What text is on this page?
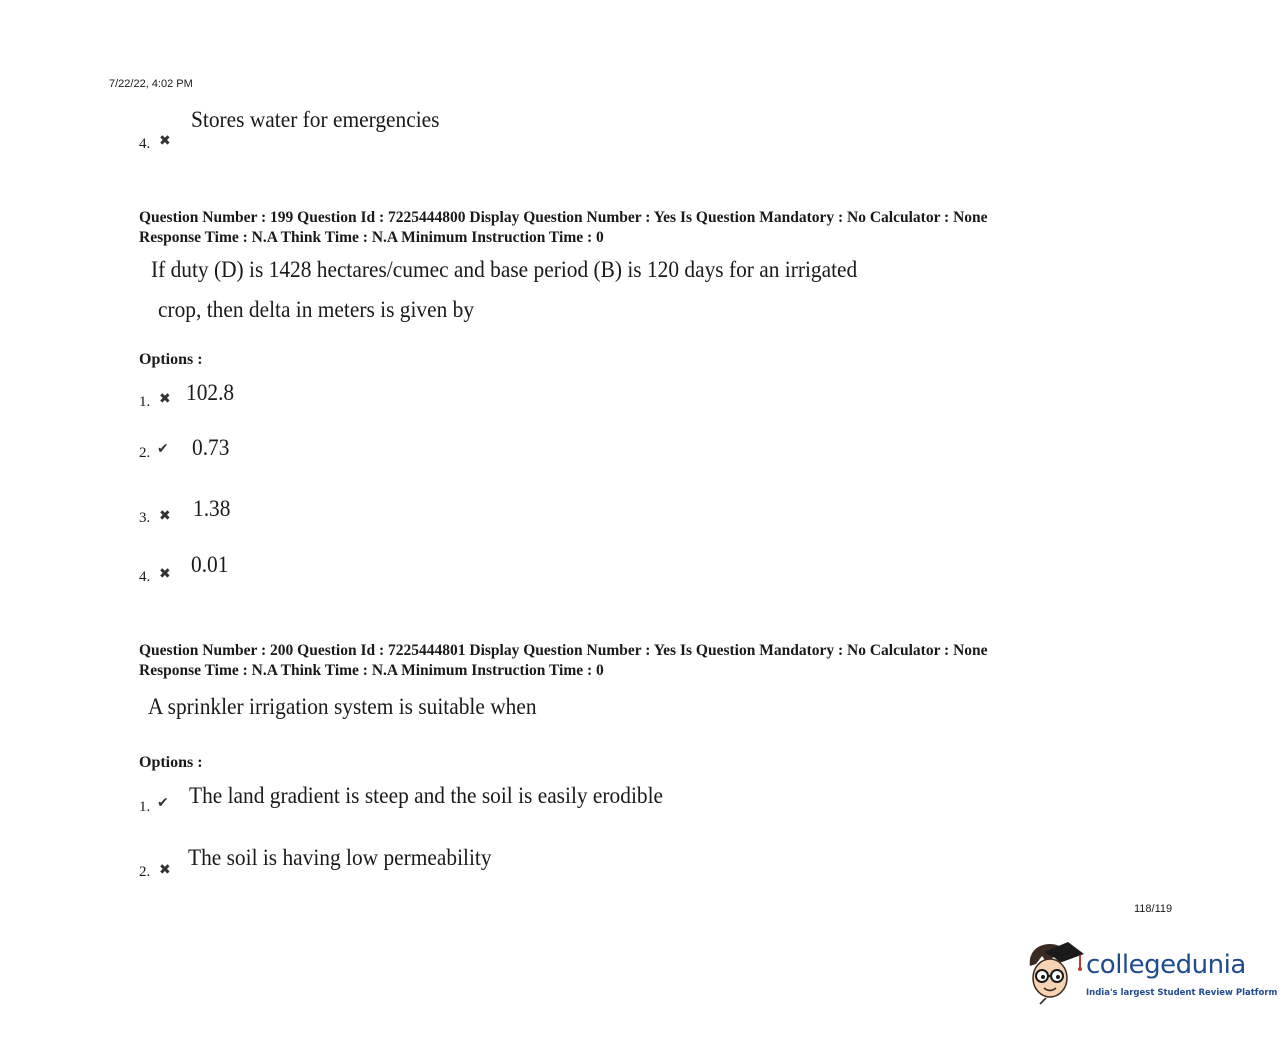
7/22/22, 4:02 PM
4. ✖
Stores water for emergencies
Question Number : 199 Question Id : 7225444800 Display Question Number : Yes Is Question Mandatory : No Calculator : None
Response Time : N.A Think Time : N.A Minimum Instruction Time : 0
If duty (D) is 1428 hectares/cumec and base period (B) is 120 days for an irrigated
crop, then delta in meters is given by
Options :
1. ✖ 102.8
2. ✔ 0.73
3. ✖ 1.38
4. ✖ 0.01
Question Number : 200 Question Id : 7225444801 Display Question Number : Yes Is Question Mandatory : No Calculator : None
Response Time : N.A Think Time : N.A Minimum Instruction Time : 0
A sprinkler irrigation system is suitable when
Options :
1. ✔ The land gradient is steep and the soil is easily erodible
2. ✖ The soil is having low permeability
118/119
collegedunia
India's largest Student Review Platform
